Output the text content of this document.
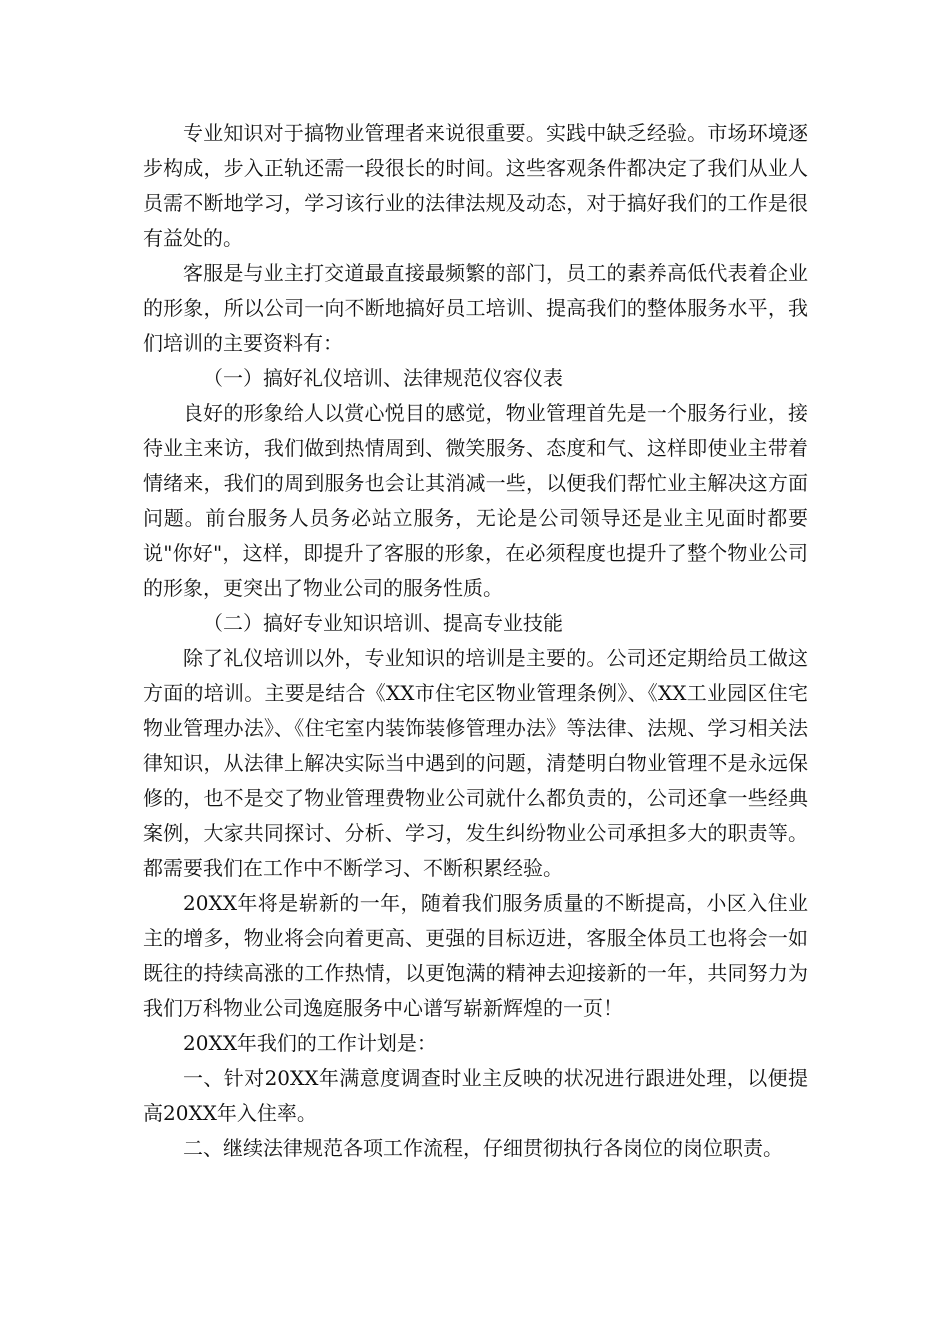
专业知识对于搞物业管理者来说很重要。实践中缺乏经验。市场环境逐步构成，步入正轨还需一段很长的时间。这些客观条件都决定了我们从业人员需不断地学习，学习该行业的法律法规及动态，对于搞好我们的工作是很有益处的。

客服是与业主打交道最直接最频繁的部门，员工的素养高低代表着企业的形象，所以公司一向不断地搞好员工培训、提高我们的整体服务水平，我们培训的主要资料有：

（一）搞好礼仪培训、法律规范仪容仪表

良好的形象给人以赏心悦目的感觉，物业管理首先是一个服务行业，接待业主来访，我们做到热情周到、微笑服务、态度和气、这样即使业主带着情绪来，我们的周到服务也会让其消减一些，以便我们帮忙业主解决这方面问题。前台服务人员务必站立服务，无论是公司领导还是业主见面时都要说"你好"，这样，即提升了客服的形象，在必须程度也提升了整个物业公司的形象，更突出了物业公司的服务性质。

（二）搞好专业知识培训、提高专业技能

除了礼仪培训以外，专业知识的培训是主要的。公司还定期给员工做这方面的培训。主要是结合《XX市住宅区物业管理条例》、《XX工业园区住宅物业管理办法》、《住宅室内装饰装修管理办法》等法律、法规、学习相关法律知识，从法律上解决实际当中遇到的问题，清楚明白物业管理不是永远保修的，也不是交了物业管理费物业公司就什么都负责的，公司还拿一些经典案例，大家共同探讨、分析、学习，发生纠纷物业公司承担多大的职责等。都需要我们在工作中不断学习、不断积累经验。

20XX年将是崭新的一年，随着我们服务质量的不断提高，小区入住业主的增多，物业将会向着更高、更强的目标迈进，客服全体员工也将会一如既往的持续高涨的工作热情，以更饱满的精神去迎接新的一年，共同努力为我们万科物业公司逸庭服务中心谱写崭新辉煌的一页！

20XX年我们的工作计划是：

一、针对20XX年满意度调查时业主反映的状况进行跟进处理，以便提高20XX年入住率。

二、继续法律规范各项工作流程，仔细贯彻执行各岗位的岗位职责。
